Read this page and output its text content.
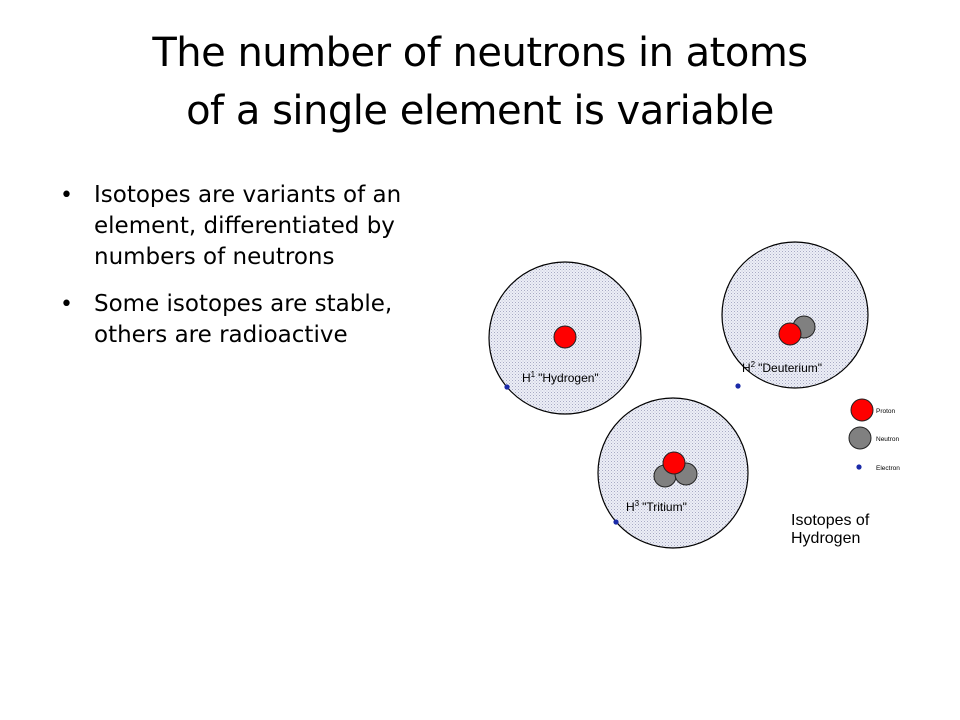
The number of neutrons in atoms
of a single element is variable
• Isotopes are variants of an element, differentiated by numbers of neutrons
• Some isotopes are stable, others are radioactive
$H^1$ "Hydrogen"
$H^2$ "Deuterium"
$H^3$ "Tritium"
Proton
Neutron
Electron
Isotopes of
Hydrogen
